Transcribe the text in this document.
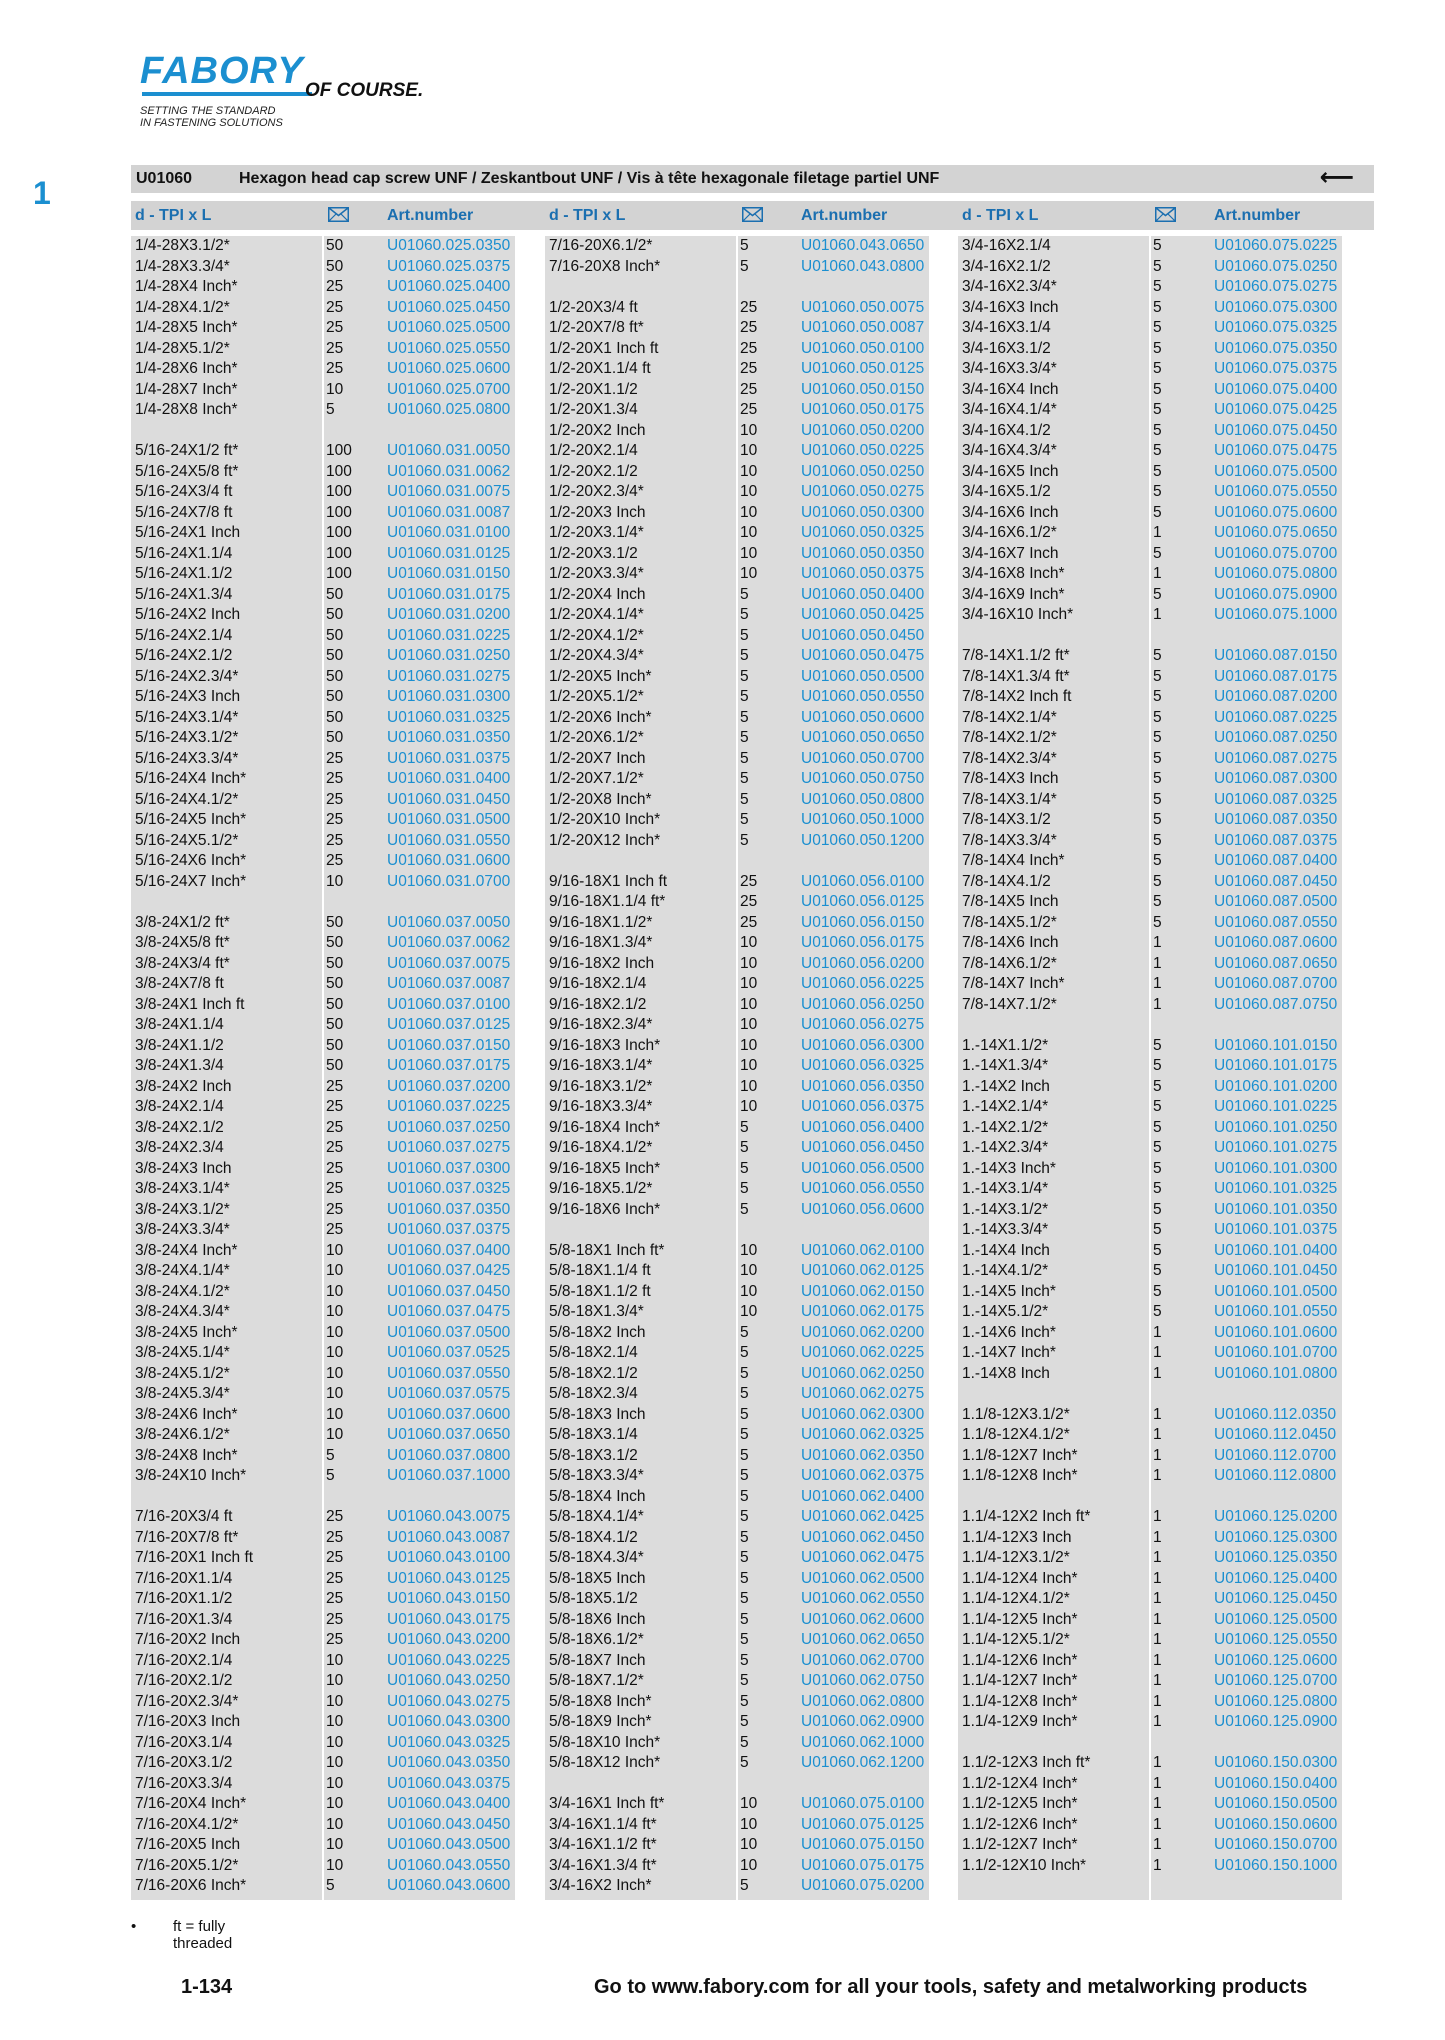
FABORY OF COURSE.
SETTING THE STANDARD
IN FASTENING SOLUTIONS
1	U01060	Hexagon head cap screw UNF / Zeskantbout UNF / Vis à tête hexagonale filetage partiel UNF	⟵
d - TPI x L	Art.number	d - TPI x L	Art.number	d - TPI x L	Art.number
1/4-28X3.1/2*	50	U01060.025.0350
1/4-28X3.3/4*	50	U01060.025.0375
1/4-28X4 Inch*	25	U01060.025.0400
1/4-28X4.1/2*	25	U01060.025.0450
1/4-28X5 Inch*	25	U01060.025.0500
1/4-28X5.1/2*	25	U01060.025.0550
1/4-28X6 Inch*	25	U01060.025.0600
1/4-28X7 Inch*	10	U01060.025.0700
1/4-28X8 Inch*	5	U01060.025.0800
5/16-24X1/2 ft*	100 U01060.031.0050
5/16-24X5/8 ft*	100 U01060.031.0062
5/16-24X3/4 ft	100 U01060.031.0075
5/16-24X7/8 ft	100 U01060.031.0087
5/16-24X1 Inch	100 U01060.031.0100
5/16-24X1.1/4	100 U01060.031.0125
5/16-24X1.1/2	100 U01060.031.0150
5/16-24X1.3/4	50	U01060.031.0175
5/16-24X2 Inch	50	U01060.031.0200
5/16-24X2.1/4	50	U01060.031.0225
5/16-24X2.1/2	50	U01060.031.0250
5/16-24X2.3/4*	50	U01060.031.0275
5/16-24X3 Inch	50	U01060.031.0300
5/16-24X3.1/4*	50	U01060.031.0325
5/16-24X3.1/2*	50	U01060.031.0350
5/16-24X3.3/4*	25	U01060.031.0375
5/16-24X4 Inch*	25	U01060.031.0400
5/16-24X4.1/2*	25	U01060.031.0450
5/16-24X5 Inch*	25	U01060.031.0500
5/16-24X5.1/2*	25	U01060.031.0550
5/16-24X6 Inch*	25	U01060.031.0600
5/16-24X7 Inch*	10	U01060.031.0700
3/8-24X1/2 ft*	50	U01060.037.0050
3/8-24X5/8 ft*	50	U01060.037.0062
3/8-24X3/4 ft*	50	U01060.037.0075
3/8-24X7/8 ft	50	U01060.037.0087
3/8-24X1 Inch ft	50	U01060.037.0100
3/8-24X1.1/4	50	U01060.037.0125
3/8-24X1.1/2	50	U01060.037.0150
3/8-24X1.3/4	50	U01060.037.0175
3/8-24X2 Inch	25	U01060.037.0200
3/8-24X2.1/4	25	U01060.037.0225
3/8-24X2.1/2	25	U01060.037.0250
3/8-24X2.3/4	25	U01060.037.0275
3/8-24X3 Inch	25	U01060.037.0300
3/8-24X3.1/4*	25	U01060.037.0325
3/8-24X3.1/2*	25	U01060.037.0350
3/8-24X3.3/4*	25	U01060.037.0375
3/8-24X4 Inch*	10	U01060.037.0400
3/8-24X4.1/4*	10	U01060.037.0425
3/8-24X4.1/2*	10	U01060.037.0450
3/8-24X4.3/4*	10	U01060.037.0475
3/8-24X5 Inch*	10	U01060.037.0500
3/8-24X5.1/4*	10	U01060.037.0525
3/8-24X5.1/2*	10	U01060.037.0550
3/8-24X5.3/4*	10	U01060.037.0575
3/8-24X6 Inch*	10	U01060.037.0600
3/8-24X6.1/2*	10	U01060.037.0650
3/8-24X8 Inch*	5	U01060.037.0800
3/8-24X10 Inch*	5	U01060.037.1000
7/16-20X3/4 ft	25	U01060.043.0075
7/16-20X7/8 ft*	25	U01060.043.0087
7/16-20X1 Inch ft	25	U01060.043.0100
7/16-20X1.1/4	25	U01060.043.0125
7/16-20X1.1/2	25	U01060.043.0150
7/16-20X1.3/4	25	U01060.043.0175
7/16-20X2 Inch	25	U01060.043.0200
7/16-20X2.1/4	10	U01060.043.0225
7/16-20X2.1/2	10	U01060.043.0250
7/16-20X2.3/4*	10	U01060.043.0275
7/16-20X3 Inch	10	U01060.043.0300
7/16-20X3.1/4	10	U01060.043.0325
7/16-20X3.1/2	10	U01060.043.0350
7/16-20X3.3/4	10	U01060.043.0375
7/16-20X4 Inch*	10	U01060.043.0400
7/16-20X4.1/2*	10	U01060.043.0450
7/16-20X5 Inch	10	U01060.043.0500
7/16-20X5.1/2*	10	U01060.043.0550
7/16-20X6 Inch*	5	U01060.043.0600
7/16-20X6.1/2*	5	U01060.043.0650
7/16-20X8 Inch*	5	U01060.043.0800
1/2-20X3/4 ft	25	U01060.050.0075
1/2-20X7/8 ft*	25	U01060.050.0087
1/2-20X1 Inch ft	25	U01060.050.0100
1/2-20X1.1/4 ft	25	U01060.050.0125
1/2-20X1.1/2	25	U01060.050.0150
1/2-20X1.3/4	25	U01060.050.0175
1/2-20X2 Inch	10	U01060.050.0200
1/2-20X2.1/4	10	U01060.050.0225
1/2-20X2.1/2	10	U01060.050.0250
1/2-20X2.3/4*	10	U01060.050.0275
1/2-20X3 Inch	10	U01060.050.0300
1/2-20X3.1/4*	10	U01060.050.0325
1/2-20X3.1/2	10	U01060.050.0350
1/2-20X3.3/4*	10	U01060.050.0375
1/2-20X4 Inch	5	U01060.050.0400
1/2-20X4.1/4*	5	U01060.050.0425
1/2-20X4.1/2*	5	U01060.050.0450
1/2-20X4.3/4*	5	U01060.050.0475
1/2-20X5 Inch*	5	U01060.050.0500
1/2-20X5.1/2*	5	U01060.050.0550
1/2-20X6 Inch*	5	U01060.050.0600
1/2-20X6.1/2*	5	U01060.050.0650
1/2-20X7 Inch	5	U01060.050.0700
1/2-20X7.1/2*	5	U01060.050.0750
1/2-20X8 Inch*	5	U01060.050.0800
1/2-20X10 Inch*	5	U01060.050.1000
1/2-20X12 Inch*	5	U01060.050.1200
9/16-18X1 Inch ft	25	U01060.056.0100
9/16-18X1.1/4 ft*	25	U01060.056.0125
9/16-18X1.1/2*	25	U01060.056.0150
9/16-18X1.3/4*	10	U01060.056.0175
9/16-18X2 Inch	10	U01060.056.0200
9/16-18X2.1/4	10	U01060.056.0225
9/16-18X2.1/2	10	U01060.056.0250
9/16-18X2.3/4*	10	U01060.056.0275
9/16-18X3 Inch*	10	U01060.056.0300
9/16-18X3.1/4*	10	U01060.056.0325
9/16-18X3.1/2*	10	U01060.056.0350
9/16-18X3.3/4*	10	U01060.056.0375
9/16-18X4 Inch*	5	U01060.056.0400
9/16-18X4.1/2*	5	U01060.056.0450
9/16-18X5 Inch*	5	U01060.056.0500
9/16-18X5.1/2*	5	U01060.056.0550
9/16-18X6 Inch*	5	U01060.056.0600
5/8-18X1 Inch ft*	10	U01060.062.0100
5/8-18X1.1/4 ft	10	U01060.062.0125
5/8-18X1.1/2 ft	10	U01060.062.0150
5/8-18X1.3/4*	10	U01060.062.0175
5/8-18X2 Inch	5	U01060.062.0200
5/8-18X2.1/4	5	U01060.062.0225
5/8-18X2.1/2	5	U01060.062.0250
5/8-18X2.3/4	5	U01060.062.0275
5/8-18X3 Inch	5	U01060.062.0300
5/8-18X3.1/4	5	U01060.062.0325
5/8-18X3.1/2	5	U01060.062.0350
5/8-18X3.3/4*	5	U01060.062.0375
5/8-18X4 Inch	5	U01060.062.0400
5/8-18X4.1/4*	5	U01060.062.0425
5/8-18X4.1/2	5	U01060.062.0450
5/8-18X4.3/4*	5	U01060.062.0475
5/8-18X5 Inch	5	U01060.062.0500
5/8-18X5.1/2	5	U01060.062.0550
5/8-18X6 Inch	5	U01060.062.0600
5/8-18X6.1/2*	5	U01060.062.0650
5/8-18X7 Inch	5	U01060.062.0700
5/8-18X7.1/2*	5	U01060.062.0750
5/8-18X8 Inch*	5	U01060.062.0800
5/8-18X9 Inch*	5	U01060.062.0900
5/8-18X10 Inch*	5	U01060.062.1000
5/8-18X12 Inch*	5	U01060.062.1200
3/4-16X1 Inch ft*	10	U01060.075.0100
3/4-16X1.1/4 ft*	10	U01060.075.0125
3/4-16X1.1/2 ft*	10	U01060.075.0150
3/4-16X1.3/4 ft*	10	U01060.075.0175
3/4-16X2 Inch*	5	U01060.075.0200
3/4-16X2.1/4	5	U01060.075.0225
3/4-16X2.1/2	5	U01060.075.0250
3/4-16X2.3/4*	5	U01060.075.0275
3/4-16X3 Inch	5	U01060.075.0300
3/4-16X3.1/4	5	U01060.075.0325
3/4-16X3.1/2	5	U01060.075.0350
3/4-16X3.3/4*	5	U01060.075.0375
3/4-16X4 Inch	5	U01060.075.0400
3/4-16X4.1/4*	5	U01060.075.0425
3/4-16X4.1/2	5	U01060.075.0450
3/4-16X4.3/4*	5	U01060.075.0475
3/4-16X5 Inch	5	U01060.075.0500
3/4-16X5.1/2	5	U01060.075.0550
3/4-16X6 Inch	5	U01060.075.0600
3/4-16X6.1/2*	1	U01060.075.0650
3/4-16X7 Inch	5	U01060.075.0700
3/4-16X8 Inch*	1	U01060.075.0800
3/4-16X9 Inch*	5	U01060.075.0900
3/4-16X10 Inch*	1	U01060.075.1000
7/8-14X1.1/2 ft*	5	U01060.087.0150
7/8-14X1.3/4 ft*	5	U01060.087.0175
7/8-14X2 Inch ft	5	U01060.087.0200
7/8-14X2.1/4*	5	U01060.087.0225
7/8-14X2.1/2*	5	U01060.087.0250
7/8-14X2.3/4*	5	U01060.087.0275
7/8-14X3 Inch	5	U01060.087.0300
7/8-14X3.1/4*	5	U01060.087.0325
7/8-14X3.1/2	5	U01060.087.0350
7/8-14X3.3/4*	5	U01060.087.0375
7/8-14X4 Inch*	5	U01060.087.0400
7/8-14X4.1/2	5	U01060.087.0450
7/8-14X5 Inch	5	U01060.087.0500
7/8-14X5.1/2*	5	U01060.087.0550
7/8-14X6 Inch	1	U01060.087.0600
7/8-14X6.1/2*	1	U01060.087.0650
7/8-14X7 Inch*	1	U01060.087.0700
7/8-14X7.1/2*	1	U01060.087.0750
1.-14X1.1/2*	5	U01060.101.0150
1.-14X1.3/4*	5	U01060.101.0175
1.-14X2 Inch	5	U01060.101.0200
1.-14X2.1/4*	5	U01060.101.0225
1.-14X2.1/2*	5	U01060.101.0250
1.-14X2.3/4*	5	U01060.101.0275
1.-14X3 Inch*	5	U01060.101.0300
1.-14X3.1/4*	5	U01060.101.0325
1.-14X3.1/2*	5	U01060.101.0350
1.-14X3.3/4*	5	U01060.101.0375
1.-14X4 Inch	5	U01060.101.0400
1.-14X4.1/2*	5	U01060.101.0450
1.-14X5 Inch*	5	U01060.101.0500
1.-14X5.1/2*	5	U01060.101.0550
1.-14X6 Inch*	1	U01060.101.0600
1.-14X7 Inch*	1	U01060.101.0700
1.-14X8 Inch	1	U01060.101.0800
1.1/8-12X3.1/2*	1	U01060.112.0350
1.1/8-12X4.1/2*	1	U01060.112.0450
1.1/8-12X7 Inch*	1	U01060.112.0700
1.1/8-12X8 Inch*	1	U01060.112.0800
1.1/4-12X2 Inch ft*	1	U01060.125.0200
1.1/4-12X3 Inch	1	U01060.125.0300
1.1/4-12X3.1/2*	1	U01060.125.0350
1.1/4-12X4 Inch*	1	U01060.125.0400
1.1/4-12X4.1/2*	1	U01060.125.0450
1.1/4-12X5 Inch*	1	U01060.125.0500
1.1/4-12X5.1/2*	1	U01060.125.0550
1.1/4-12X6 Inch*	1	U01060.125.0600
1.1/4-12X7 Inch*	1	U01060.125.0700
1.1/4-12X8 Inch*	1	U01060.125.0800
1.1/4-12X9 Inch*	1	U01060.125.0900
1.1/2-12X3 Inch ft*	1	U01060.150.0300
1.1/2-12X4 Inch*	1	U01060.150.0400
1.1/2-12X5 Inch*	1	U01060.150.0500
1.1/2-12X6 Inch*	1	U01060.150.0600
1.1/2-12X7 Inch*	1	U01060.150.0700
1.1/2-12X10 Inch*	1	U01060.150.1000
• ft = fully threaded
1-134	Go to www.fabory.com for all your tools, safety and metalworking products
